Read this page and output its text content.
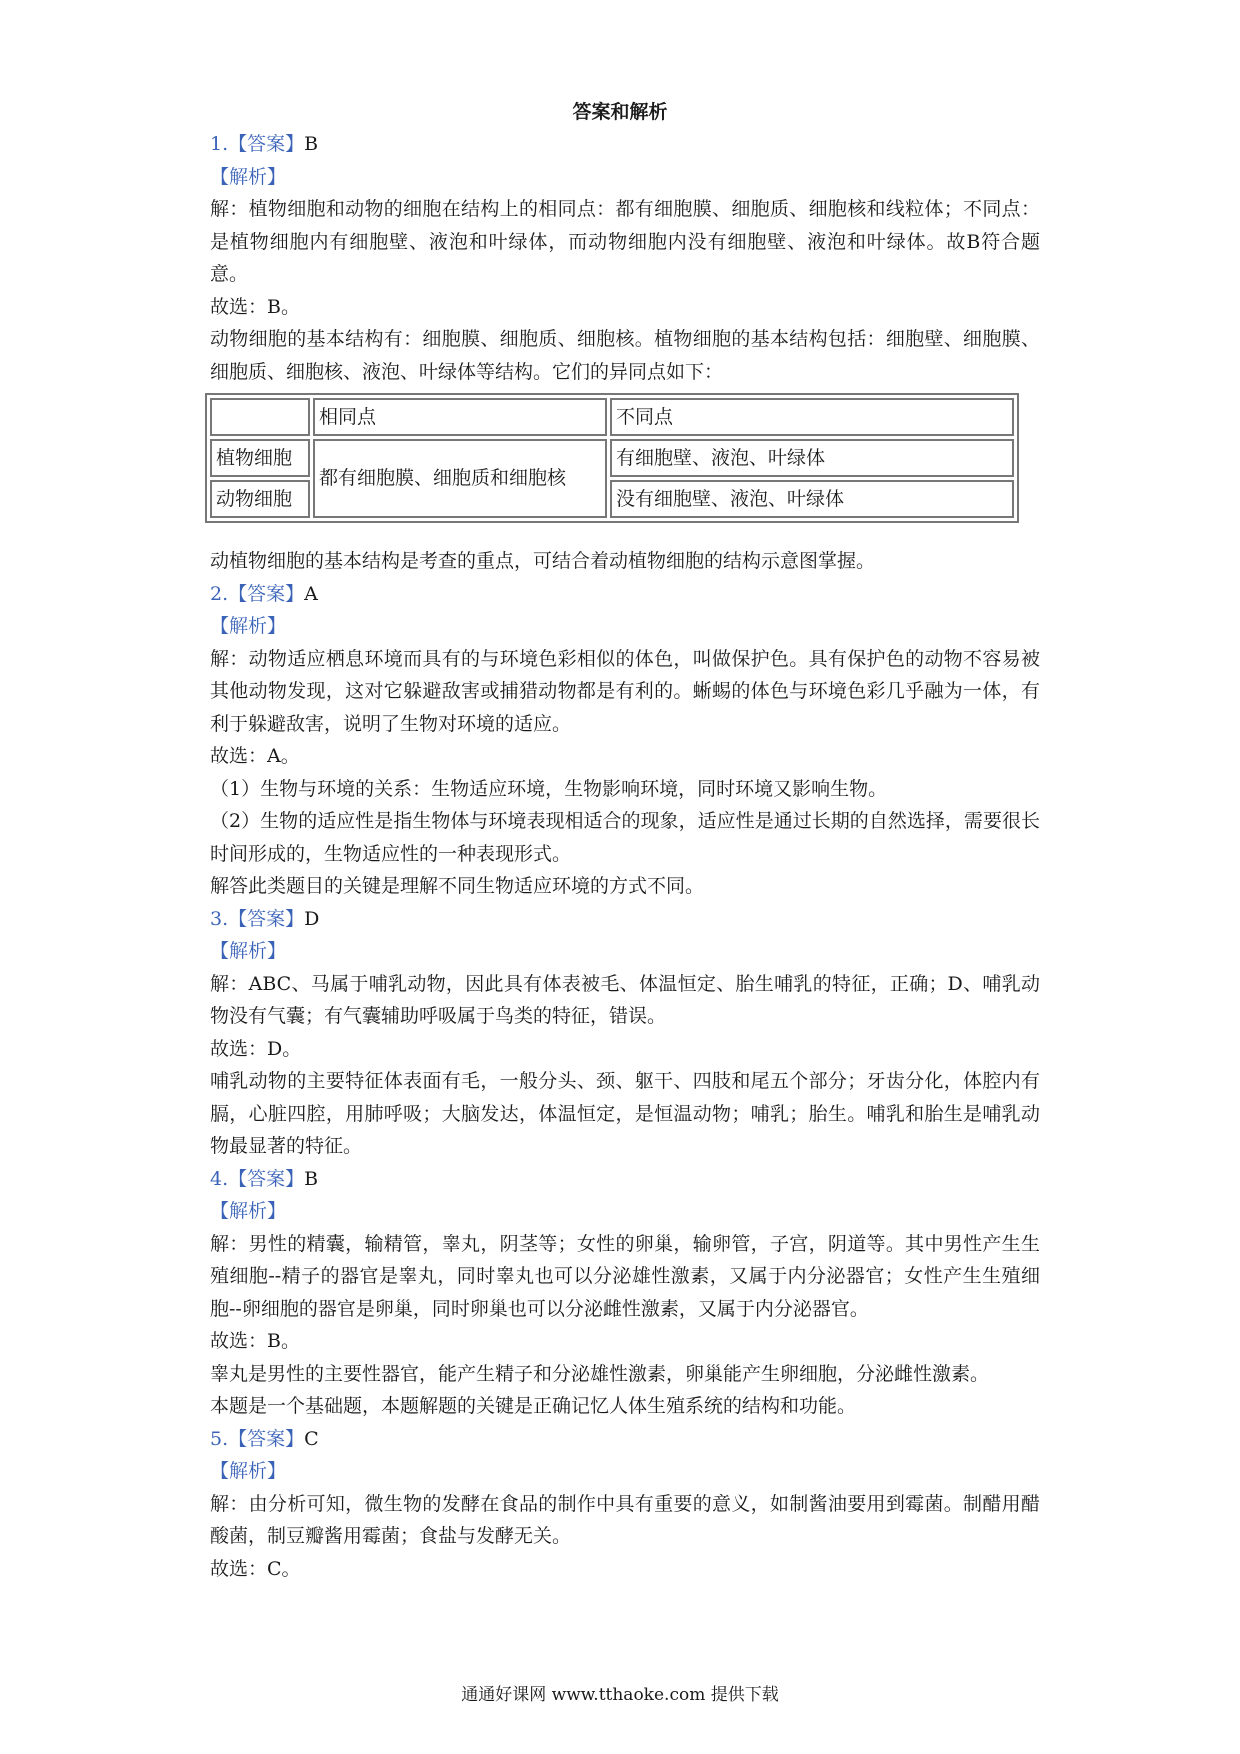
答案和解析

1.【答案】B

【解析】

解：植物细胞和动物的细胞在结构上的相同点：都有细胞膜、细胞质、细胞核和线粒体；不同点：是植物细胞内有细胞壁、液泡和叶绿体，而动物细胞内没有细胞壁、液泡和叶绿体。故B符合题意。

故选：B。

动物细胞的基本结构有：细胞膜、细胞质、细胞核。植物细胞的基本结构包括：细胞壁、细胞膜、细胞质、细胞核、液泡、叶绿体等结构。它们的异同点如下：

	相同点	不同点
植物细胞	都有细胞膜、细胞质和细胞核	有细胞壁、液泡、叶绿体
动物细胞		没有细胞壁、液泡、叶绿体

动植物细胞的基本结构是考查的重点，可结合着动植物细胞的结构示意图掌握。

2.【答案】A

【解析】

解：动物适应栖息环境而具有的与环境色彩相似的体色，叫做保护色。具有保护色的动物不容易被其他动物发现，这对它躲避敌害或捕猎动物都是有利的。蜥蜴的体色与环境色彩几乎融为一体，有利于躲避敌害，说明了生物对环境的适应。

故选：A。

（1）生物与环境的关系：生物适应环境，生物影响环境，同时环境又影响生物。

（2）生物的适应性是指生物体与环境表现相适合的现象，适应性是通过长期的自然选择，需要很长时间形成的，生物适应性的一种表现形式。

解答此类题目的关键是理解不同生物适应环境的方式不同。

3.【答案】D

【解析】

解：ABC、马属于哺乳动物，因此具有体表被毛、体温恒定、胎生哺乳的特征，正确；D、哺乳动物没有气囊；有气囊辅助呼吸属于鸟类的特征，错误。

故选：D。

哺乳动物的主要特征体表面有毛，一般分头、颈、躯干、四肢和尾五个部分；牙齿分化，体腔内有膈，心脏四腔，用肺呼吸；大脑发达，体温恒定，是恒温动物；哺乳；胎生。哺乳和胎生是哺乳动物最显著的特征。

4.【答案】B

【解析】

解：男性的精囊，输精管，睾丸，阴茎等；女性的卵巢，输卵管，子宫，阴道等。其中男性产生生殖细胞--精子的器官是睾丸，同时睾丸也可以分泌雄性激素，又属于内分泌器官；女性产生生殖细胞--卵细胞的器官是卵巢，同时卵巢也可以分泌雌性激素，又属于内分泌器官。

故选：B。

睾丸是男性的主要性器官，能产生精子和分泌雄性激素，卵巢能产生卵细胞，分泌雌性激素。

本题是一个基础题，本题解题的关键是正确记忆人体生殖系统的结构和功能。

5.【答案】C

【解析】

解：由分析可知，微生物的发酵在食品的制作中具有重要的意义，如制酱油要用到霉菌。制醋用醋酸菌，制豆瓣酱用霉菌；食盐与发酵无关。

故选：C。

通通好课网 www.tthaoke.com 提供下载
